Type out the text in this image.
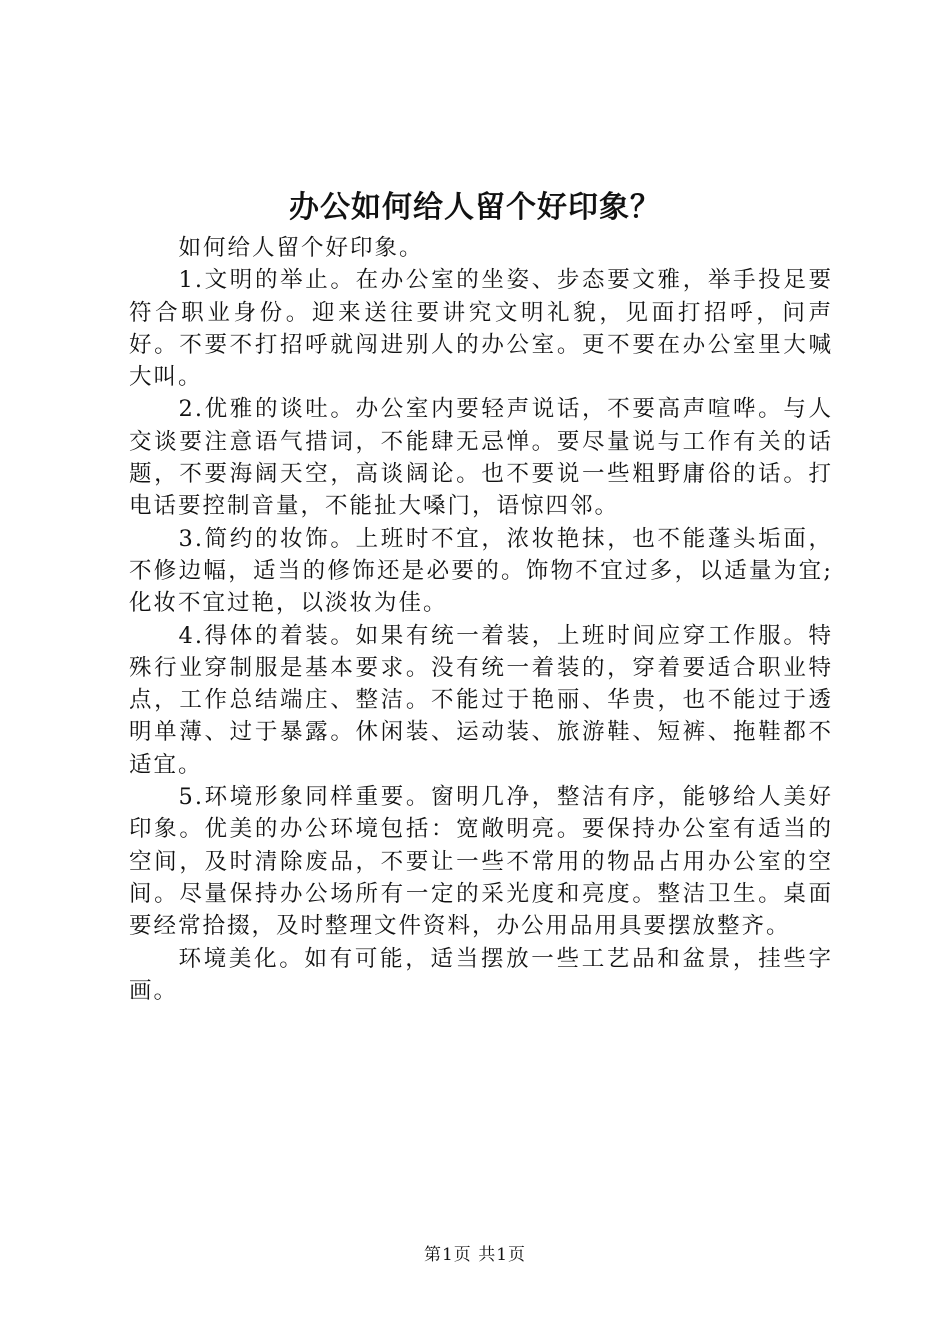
办公如何给人留个好印象？

如何给人留个好印象。

1.文明的举止。在办公室的坐姿、步态要文雅，举手投足要符合职业身份。迎来送往要讲究文明礼貌，见面打招呼，问声好。不要不打招呼就闯进别人的办公室。更不要在办公室里大喊大叫。

2.优雅的谈吐。办公室内要轻声说话，不要高声喧哗。与人交谈要注意语气措词，不能肆无忌惮。要尽量说与工作有关的话题，不要海阔天空，高谈阔论。也不要说一些粗野庸俗的话。打电话要控制音量，不能扯大嗓门，语惊四邻。

3.简约的妆饰。上班时不宜，浓妆艳抹，也不能蓬头垢面，不修边幅，适当的修饰还是必要的。饰物不宜过多，以适量为宜;化妆不宜过艳，以淡妆为佳。

4.得体的着装。如果有统一着装，上班时间应穿工作服。特殊行业穿制服是基本要求。没有统一着装的，穿着要适合职业特点，工作总结端庄、整洁。不能过于艳丽、华贵，也不能过于透明单薄、过于暴露。休闲装、运动装、旅游鞋、短裤、拖鞋都不适宜。

5.环境形象同样重要。窗明几净，整洁有序，能够给人美好印象。优美的办公环境包括：宽敞明亮。要保持办公室有适当的空间，及时清除废品，不要让一些不常用的物品占用办公室的空间。尽量保持办公场所有一定的采光度和亮度。整洁卫生。桌面要经常拾掇，及时整理文件资料，办公用品用具要摆放整齐。

环境美化。如有可能，适当摆放一些工艺品和盆景，挂些字画。

第1页 共1页
